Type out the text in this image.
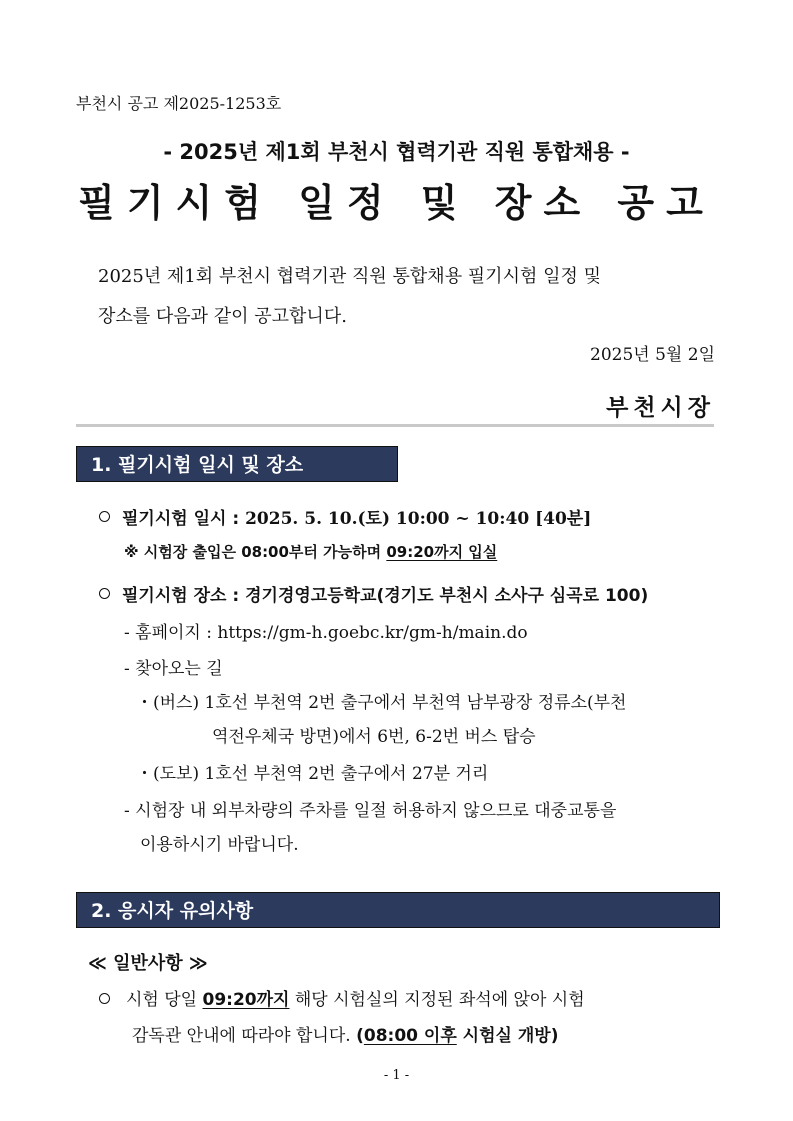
부천시 공고 제2025-1253호
- 2025년 제1회 부천시 협력기관 직원 통합채용 -
필기시험 일정 및 장소 공고
2025년 제1회 부천시 협력기관 직원 통합채용 필기시험 일정 및
장소를 다음과 같이 공고합니다.
2025년 5월 2일
부천시장
1. 필기시험 일시 및 장소
필기시험 일시 : 2025. 5. 10.(토) 10:00 ~ 10:40 [40분]
※ 시험장 출입은 08:00부터 가능하며 09:20까지 입실
필기시험 장소 : 경기경영고등학교(경기도 부천시 소사구 심곡로 100)
- 홈페이지 : https://gm-h.goebc.kr/gm-h/main.do
- 찾아오는 길
・(버스) 1호선 부천역 2번 출구에서 부천역 남부광장 정류소(부천
역전우체국 방면)에서 6번, 6-2번 버스 탑승
・(도보) 1호선 부천역 2번 출구에서 27분 거리
- 시험장 내 외부차량의 주차를 일절 허용하지 않으므로 대중교통을
이용하시기 바랍니다.
2. 응시자 유의사항
≪ 일반사항 ≫
시험 당일 09:20까지 해당 시험실의 지정된 좌석에 앉아 시험
감독관 안내에 따라야 합니다. (08:00 이후 시험실 개방)
- 1 -
